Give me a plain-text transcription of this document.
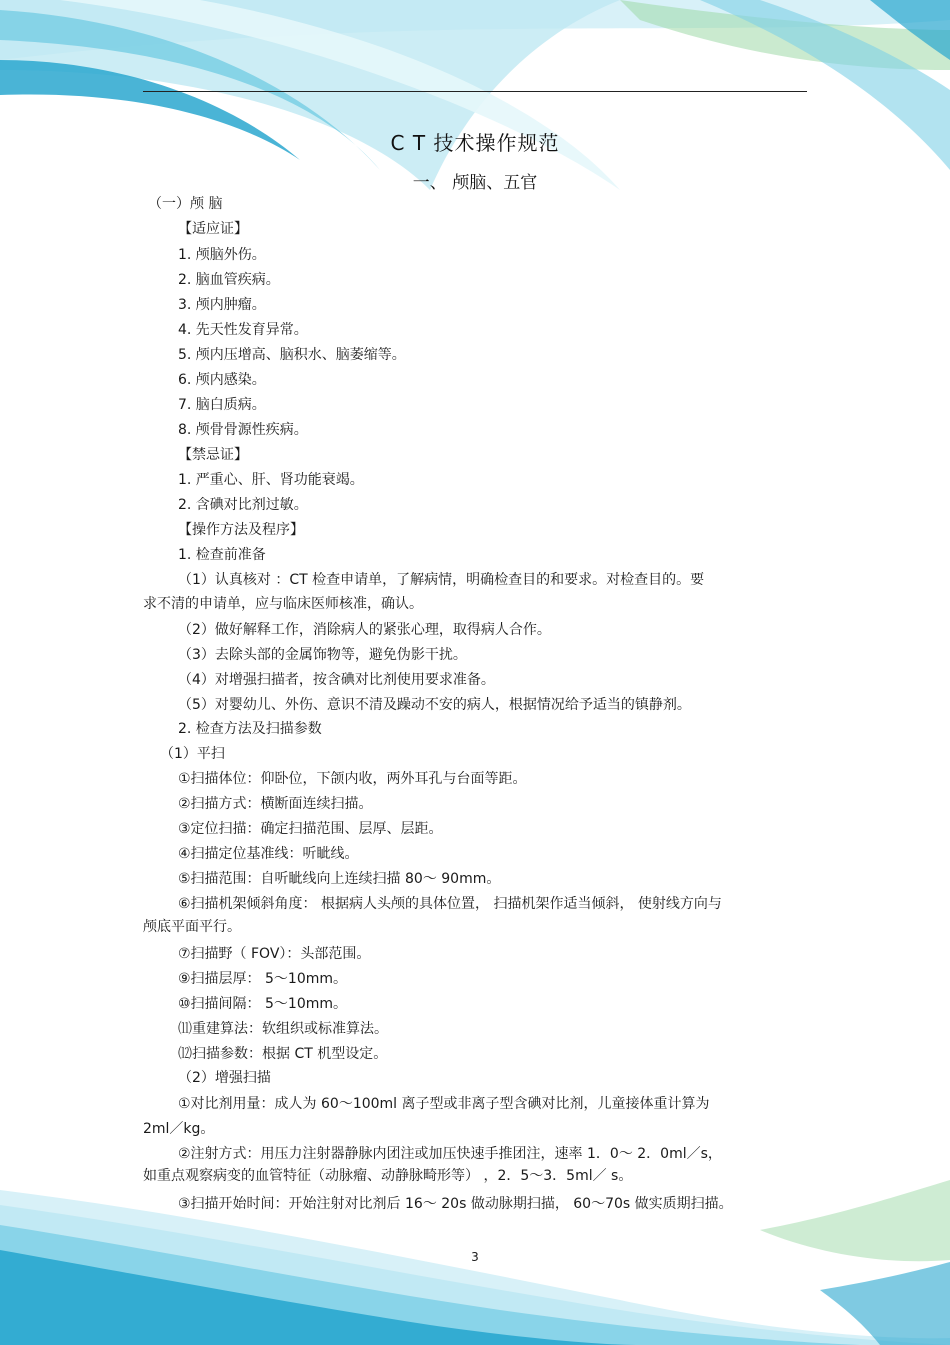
C T 技术操作规范
一、 颅脑、五官
（一）颅 脑
【适应证】
1. 颅脑外伤。
2. 脑血管疾病。
3. 颅内肿瘤。
4. 先天性发育异常。
5. 颅内压增高、脑积水、脑萎缩等。
6. 颅内感染。
7. 脑白质病。
8. 颅骨骨源性疾病。
【禁忌证】
1. 严重心、肝、肾功能衰竭。
2. 含碘对比剂过敏。
【操作方法及程序】
1. 检查前准备
（1）认真核对 ：CT 检查申请单，了解病情，明确检查目的和要求。对检查目的。要
求不清的申请单，应与临床医师核准，确认。
（2）做好解释工作，消除病人的紧张心理，取得病人合作。
（3）去除头部的金属饰物等，避免伪影干扰。
（4）对增强扫描者，按含碘对比剂使用要求准备。
（5）对婴幼儿、外伤、意识不清及躁动不安的病人，根据情况给予适当的镇静剂。
2. 检查方法及扫描参数
（1）平扫
①扫描体位：仰卧位，下颌内收，两外耳孔与台面等距。
②扫描方式：横断面连续扫描。
③定位扫描：确定扫描范围、层厚、层距。
④扫描定位基准线：听眦线。
⑤扫描范围：自听眦线向上连续扫描 80～ 90mm。
⑥扫描机架倾斜角度： 根据病人头颅的具体位置， 扫描机架作适当倾斜， 使射线方向与
颅底平面平行。
⑦扫描野（ FOV）：头部范围。
⑨扫描层厚： 5～10mm。
⑩扫描间隔： 5～10mm。
⑾重建算法：软组织或标准算法。
⑿扫描参数：根据 CT 机型设定。
（2）增强扫描
①对比剂用量：成人为 60～100ml 离子型或非离子型含碘对比剂，儿童接体重计算为
2ml／kg。
②注射方式：用压力注射器静脉内团注或加压快速手推团注，速率 1．0～ 2．0ml／s，
如重点观察病变的血管特征（动脉瘤、动静脉畸形等） ，2．5～3．5ml／ s。
③扫描开始时间：开始注射对比剂后 16～ 20s 做动脉期扫描， 60～70s 做实质期扫描。
3
